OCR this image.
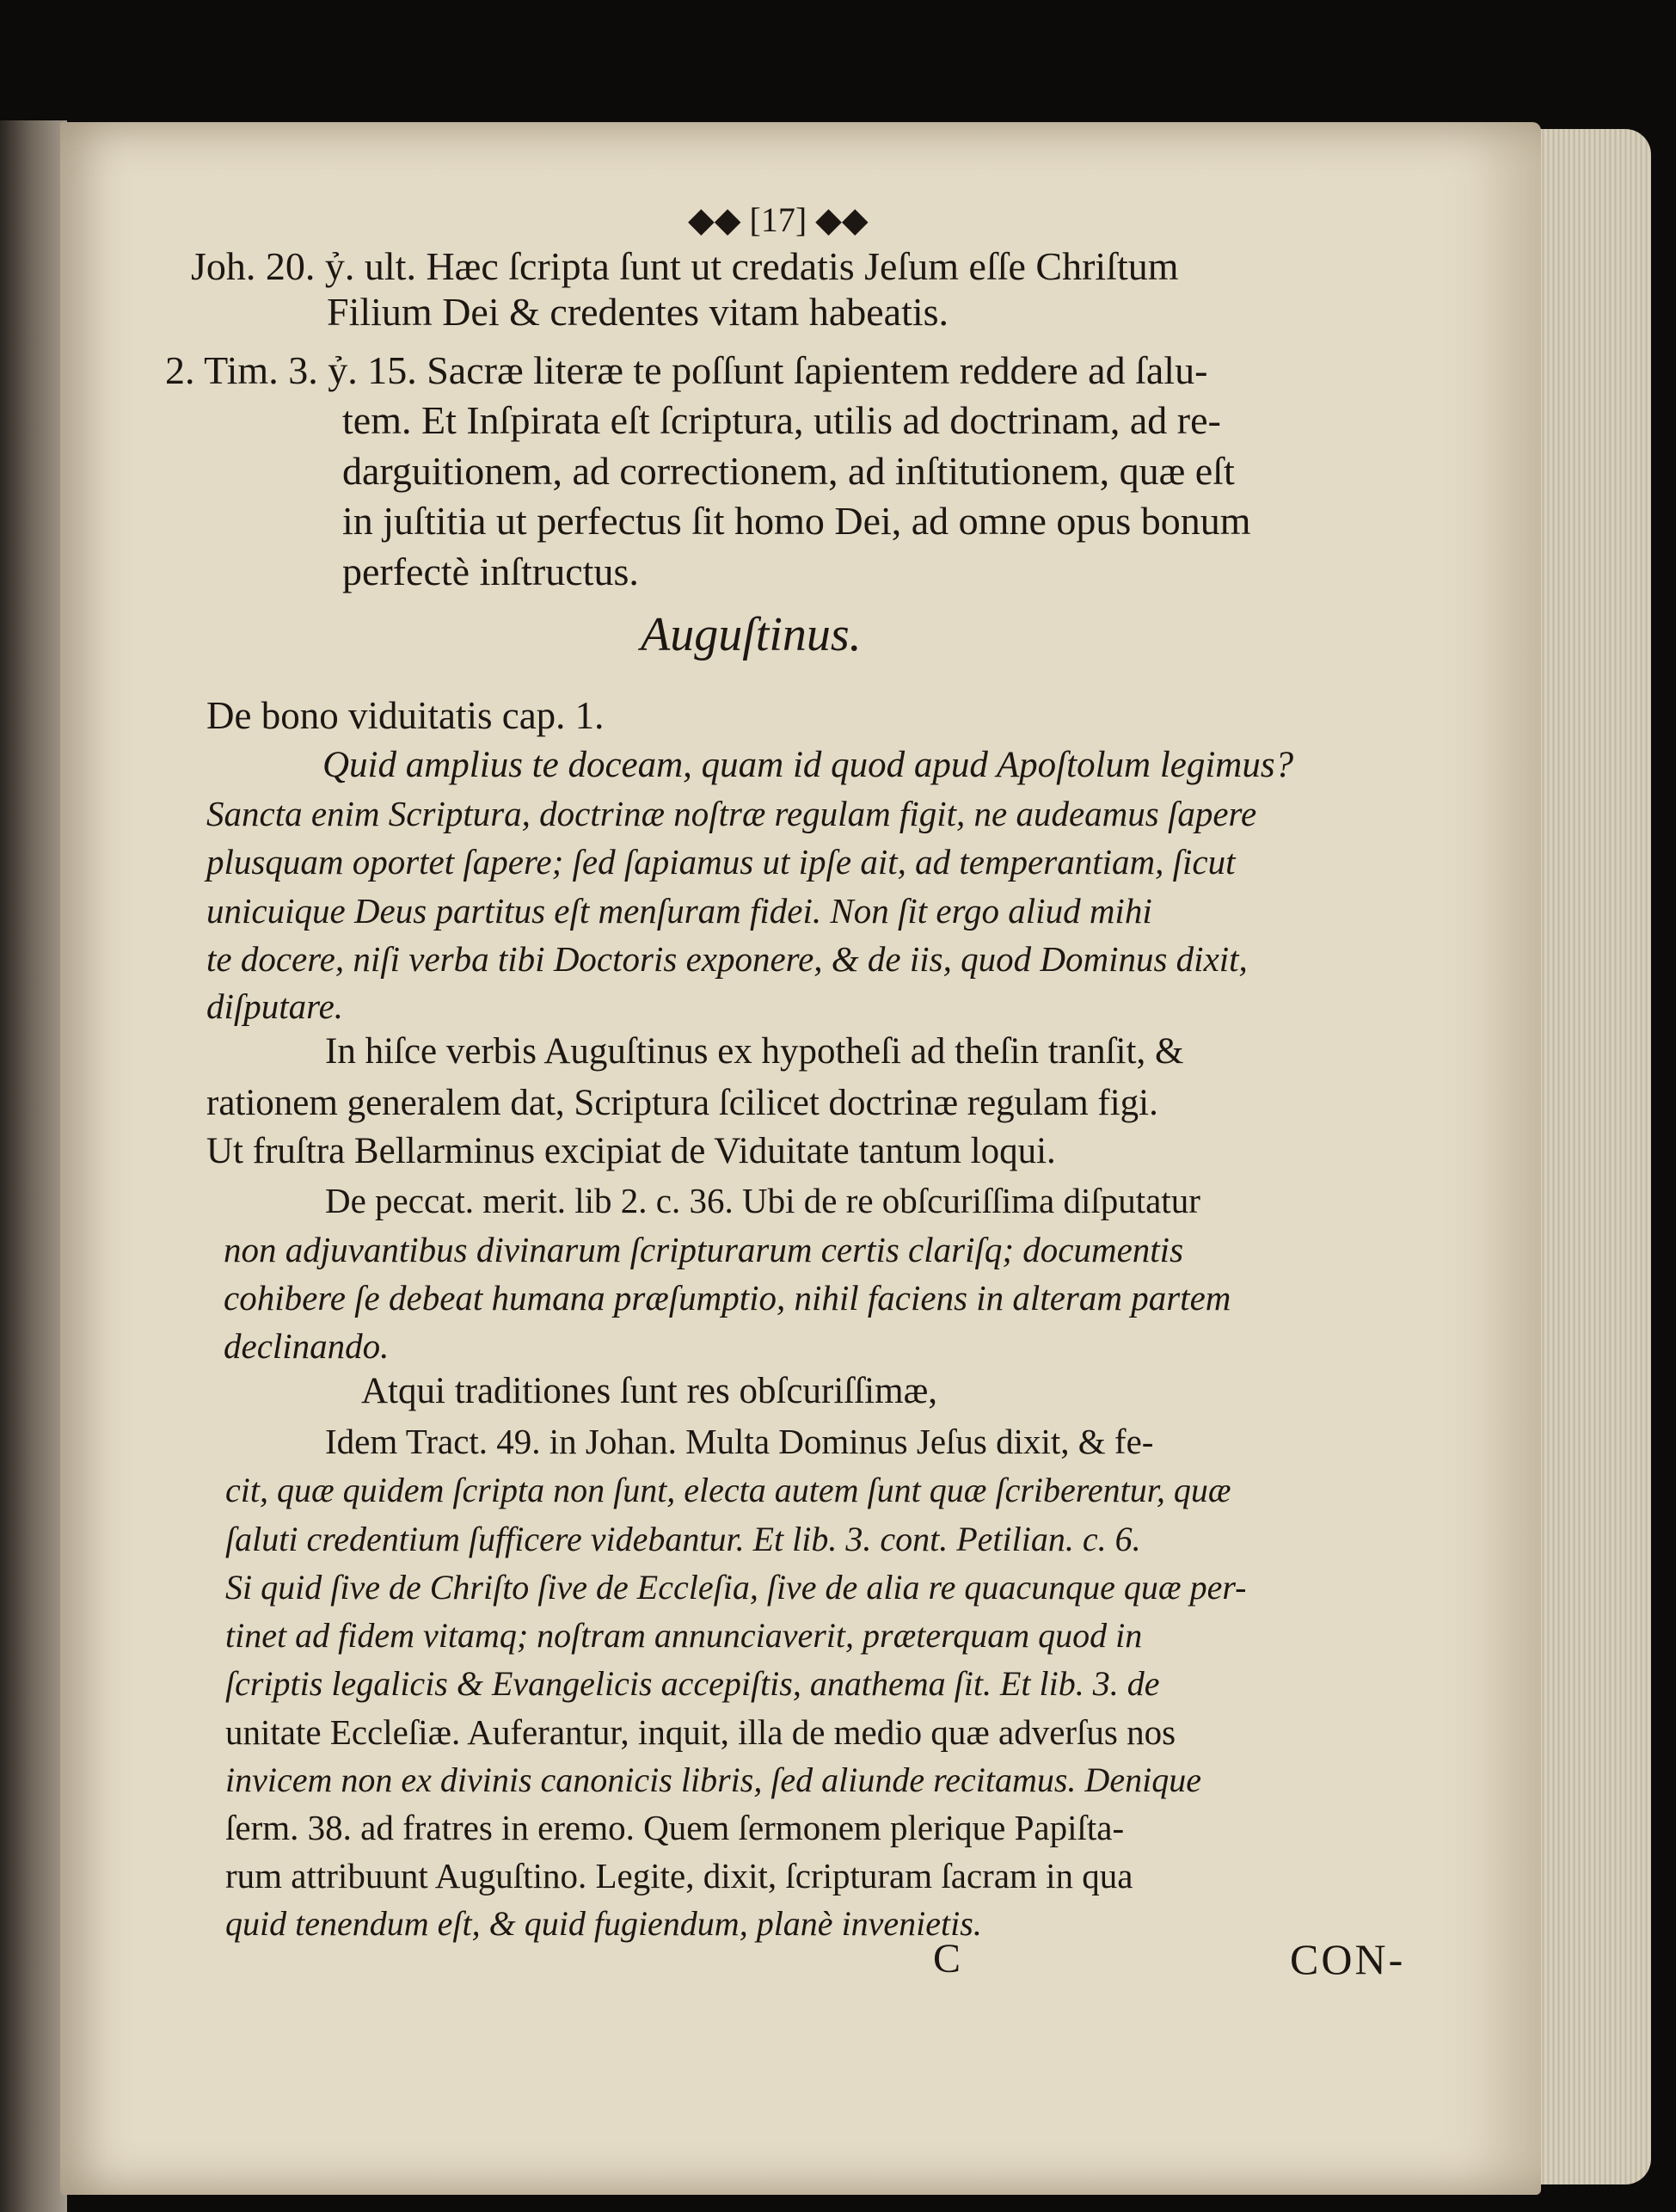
◆◆ [17] ◆◆
Joh. 20. ỷ. ult. Hæc ſcripta ſunt ut credatis Jeſum eſſe Chriſtum
Filium Dei & credentes vitam habeatis.
2. Tim. 3. ỷ. 15. Sacræ literæ te poſſunt ſapientem reddere ad ſalu-
tem. Et Inſpirata eſt ſcriptura, utilis ad doctrinam, ad re-
darguitionem, ad correctionem, ad inſtitutionem, quæ eſt
in juſtitia ut perfectus ſit homo Dei, ad omne opus bonum
perfectè inſtructus.
Auguſtinus.
De bono viduitatis cap. 1.
Quid amplius te doceam, quam id quod apud Apoſtolum legimus?
Sancta enim Scriptura, doctrinæ noſtræ regulam figit, ne audeamus ſapere
plusquam oportet ſapere; ſed ſapiamus ut ipſe ait, ad temperantiam, ſicut
unicuique Deus partitus eſt menſuram fidei. Non ſit ergo aliud mihi
te docere, niſi verba tibi Doctoris exponere, & de iis, quod Dominus dixit,
diſputare.
In hiſce verbis Auguſtinus ex hypotheſi ad theſin tranſit, &
rationem generalem dat, Scriptura ſcilicet doctrinæ regulam figi.
Ut fruſtra Bellarminus excipiat de Viduitate tantum loqui.
De peccat. merit. lib 2. c. 36. Ubi de re obſcuriſſima diſputatur
non adjuvantibus divinarum ſcripturarum certis clariſq; documentis
cohibere ſe debeat humana præſumptio, nihil faciens in alteram partem
declinando.
Atqui traditiones ſunt res obſcuriſſimæ,
Idem Tract. 49. in Johan. Multa Dominus Jeſus dixit, & fe-
cit, quæ quidem ſcripta non ſunt, electa autem ſunt quæ ſcriberentur, quæ
ſaluti credentium ſufficere videbantur. Et lib. 3. cont. Petilian. c. 6.
Si quid ſive de Chriſto ſive de Eccleſia, ſive de alia re quacunque quæ per-
tinet ad fidem vitamq; noſtram annunciaverit, præterquam quod in
ſcriptis legalicis & Evangelicis accepiſtis, anathema ſit. Et lib. 3. de
unitate Eccleſiæ. Auferantur, inquit, illa de medio quæ adverſus nos
invicem non ex divinis canonicis libris, ſed aliunde recitamus. Denique
ſerm. 38. ad fratres in eremo. Quem ſermonem plerique Papiſta-
rum attribuunt Auguſtino. Legite, dixit, ſcripturam ſacram in qua
quid tenendum eſt, & quid fugiendum, planè invenietis.
C	CON-
